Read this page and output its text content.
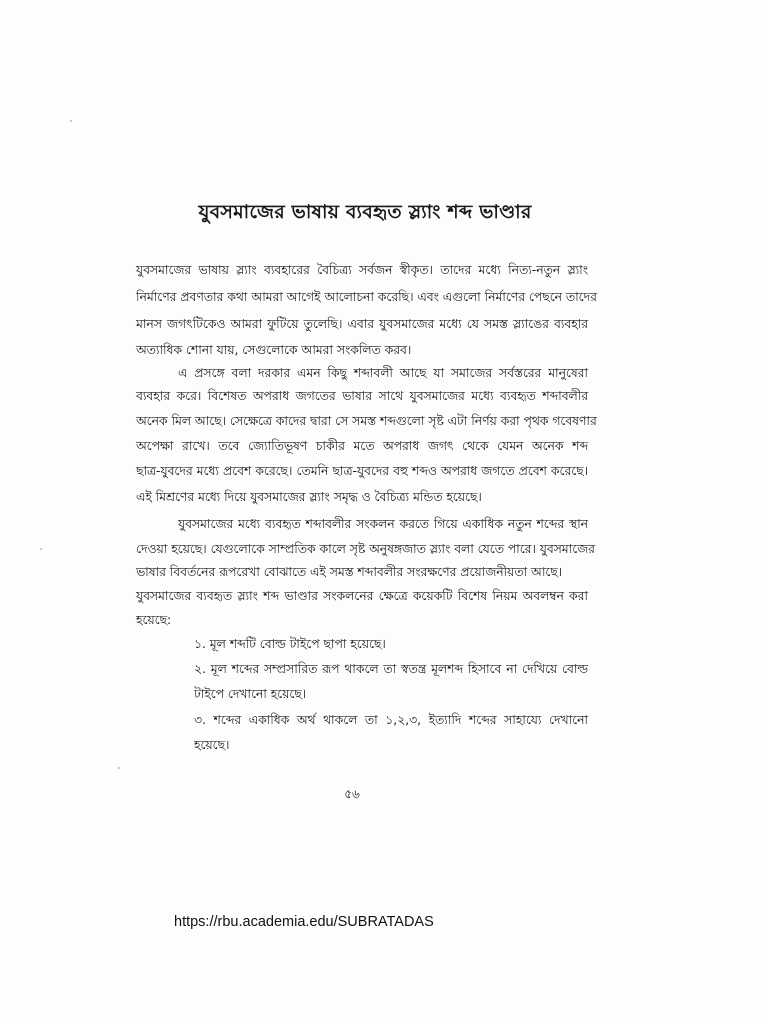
যুবসমাজের ভাষায় ব্যবহৃত স্ল্যাং শব্দ ভাণ্ডার
যুবসমাজের ভাষায় স্ল্যাং ব্যবহারের বৈচিত্র্য সর্বজন স্বীকৃত। তাদের মধ্যে নিত্য-নতুন স্ল্যাং
নির্মাণের প্রবণতার কথা আমরা আগেই আলোচনা করেছি। এবং এগুলো নির্মাণের পেছনে তাদের
মানস জগৎটিকেও আমরা ফুটিয়ে তুলেছি। এবার যুবসমাজের মধ্যে যে সমস্ত স্ল্যাঙের ব্যবহার
অত্যাধিক শোনা যায়, সেগুলোকে আমরা সংকলিত করব।
এ প্রসঙ্গে বলা দরকার এমন কিছু শব্দাবলী আছে যা সমাজের সর্বস্তরের মানুষেরা
ব্যবহার করে। বিশেষত অপরাধ জগতের ভাষার সাথে যুবসমাজের মধ্যে ব্যবহৃত শব্দাবলীর
অনেক মিল আছে। সেক্ষেত্রে কাদের দ্বারা সে সমস্ত শব্দগুলো সৃষ্ট এটা নির্ণয় করা পৃথক গবেষণার
অপেক্ষা রাখে। তবে জ্যোতিভূষণ চাকীর মতে অপরাধ জগৎ থেকে যেমন অনেক শব্দ
ছাত্র-যুবদের মধ্যে প্রবেশ করেছে। তেমনি ছাত্র-যুবদের বহু শব্দও অপরাধ জগতে প্রবেশ করেছে।
এই মিশ্রণের মধ্যে দিয়ে যুবসমাজের স্ল্যাং সমৃদ্ধ ও বৈচিত্র্য মন্ডিত হয়েছে।
যুবসমাজের মধ্যে ব্যবহৃত শব্দাবলীর সংকলন করতে গিয়ে একাধিক নতুন শব্দের স্থান
দেওয়া হয়েছে। যেগুলোকে সাম্প্রতিক কালে সৃষ্ট অনুষঙ্গজাত স্ল্যাং বলা যেতে পারে। যুবসমাজের
ভাষার বিবর্তনের রূপরেখা বোঝাতে এই সমস্ত শব্দাবলীর সংরক্ষণের প্রয়োজনীয়তা আছে।
যুবসমাজের ব্যবহৃত স্ল্যাং শব্দ ভাণ্ডার সংকলনের ক্ষেত্রে কয়েকটি বিশেষ নিয়ম অবলম্বন করা
হয়েছে:
১. মূল শব্দটি বোল্ড টাইপে ছাপা হয়েছে।
২. মূল শব্দের সম্প্রসারিত রূপ থাকলে তা স্বতন্ত্র মূলশব্দ হিসাবে না দেখিয়ে বোল্ড
টাইপে দেখানো হয়েছে।
৩. শব্দের একাধিক অর্থ থাকলে তা ১,২,৩, ইত্যাদি শব্দের সাহায্যে দেখানো
হয়েছে।
৫৬
https://rbu.academia.edu/SUBRATADAS
